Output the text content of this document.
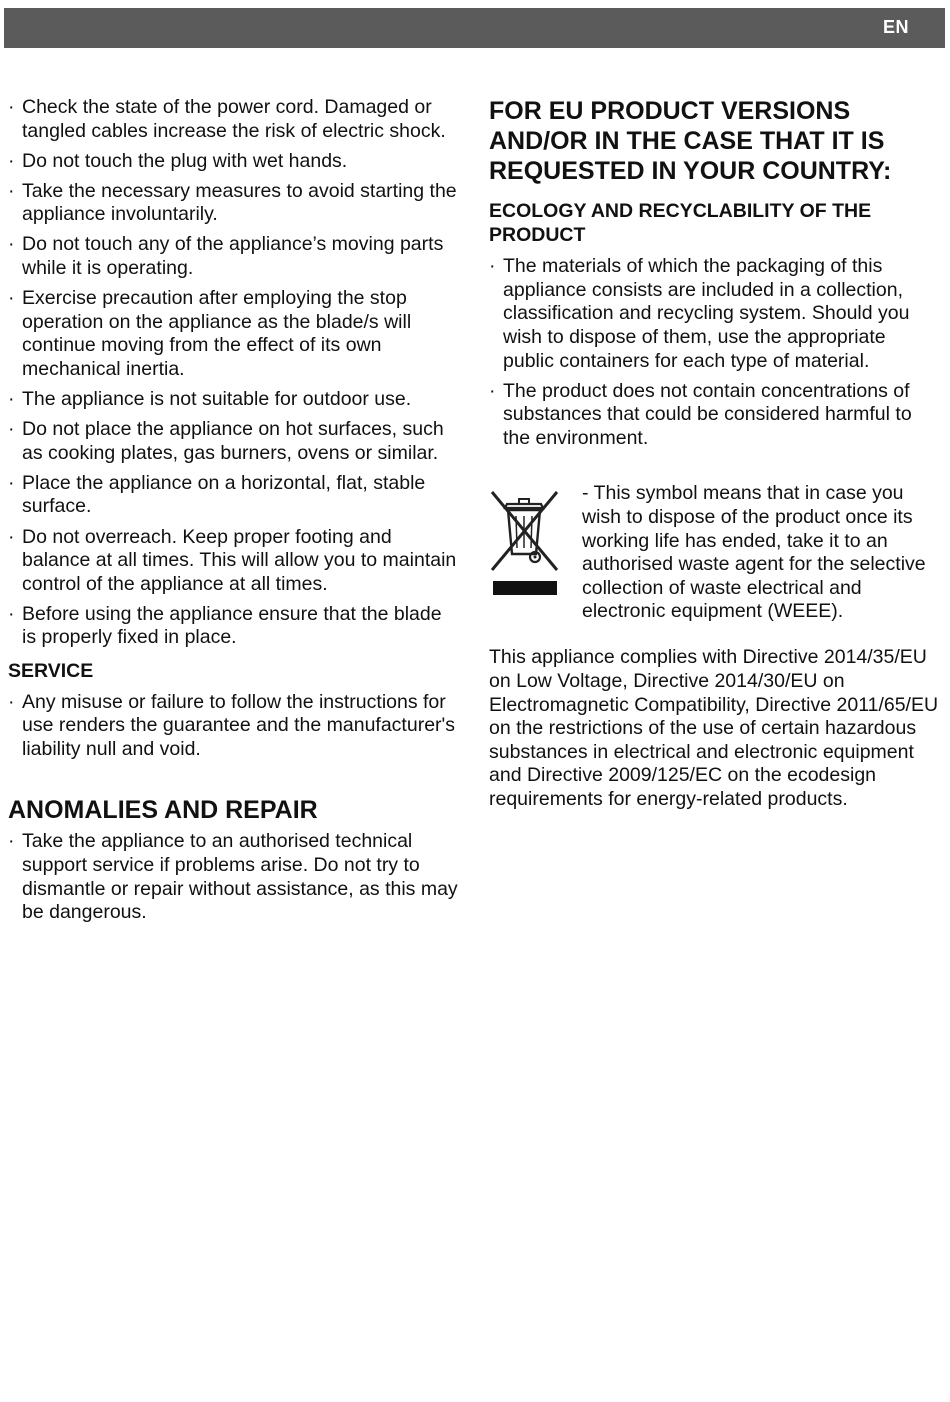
EN
· Check the state of the power cord. Damaged or tangled cables increase the risk of electric shock.
· Do not touch the plug with wet hands.
· Take the necessary measures to avoid starting the appliance involuntarily.
· Do not touch any of the appliance’s moving parts while it is operating.
· Exercise precaution after employing the stop operation on the appliance as the blade/s will continue moving from the effect of its own mechanical inertia.
· The appliance is not suitable for outdoor use.
· Do not place the appliance on hot surfaces, such as cooking plates, gas burners, ovens or similar.
· Place the appliance on a horizontal, flat, stable surface.
· Do not overreach. Keep proper footing and balance at all times. This will allow you to maintain control of the appliance at all times.
· Before using the appliance ensure that the blade is properly fixed in place.
SERVICE
· Any misuse or failure to follow the instructions for use renders the guarantee and the manufacturer's liability null and void.
ANOMALIES AND REPAIR
· Take the appliance to an authorised technical support service if problems arise. Do not try to dismantle or repair without assistance, as this may be dangerous.
FOR EU PRODUCT VERSIONS AND/OR IN THE CASE THAT IT IS REQUESTED IN YOUR COUNTRY:
ECOLOGY AND RECYCLABILITY OF THE PRODUCT
· The materials of which the packaging of this appliance consists are included in a collection, classification and recycling system. Should you wish to dispose of them, use the appropriate public containers for each type of material.
· The product does not contain concentrations of substances that could be considered harmful to the environment.
- This symbol means that in case you wish to dispose of the product once its working life has ended, take it to an authorised waste agent for the selective collection of waste electrical and electronic equipment (WEEE).
This appliance complies with Directive 2014/35/EU on Low Voltage, Directive 2014/30/EU on Electromagnetic Compatibility, Directive 2011/65/EU on the restrictions of the use of certain hazardous substances in electrical and electronic equipment and Directive 2009/125/EC on the ecodesign requirements for energy-related products.
